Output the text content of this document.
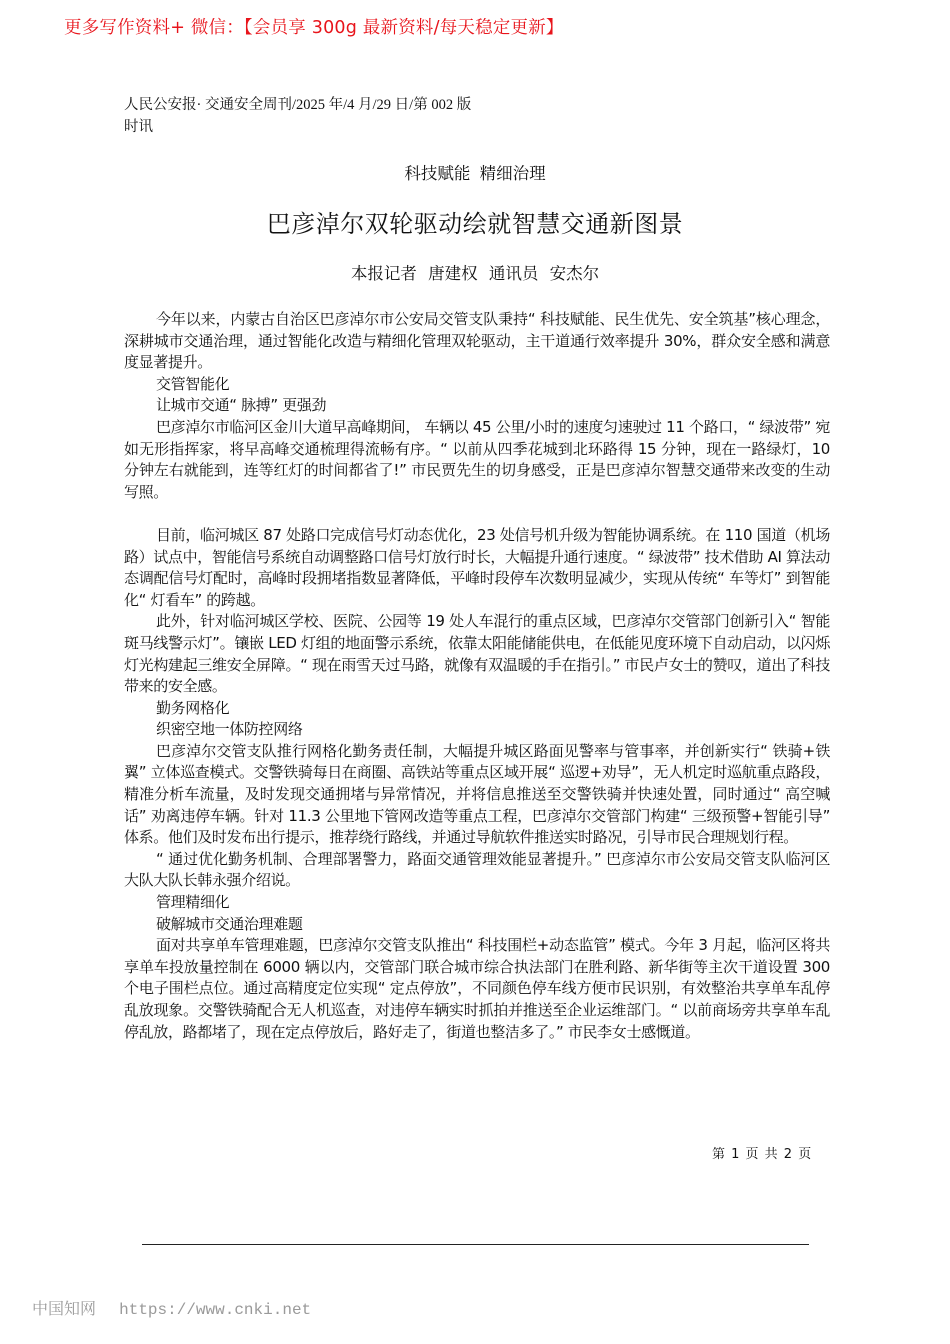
更多写作资料+ 微信：【会员享 300g 最新资料/每天稳定更新】
人民公安报· 交通安全周刊/2025 年/4 月/29 日/第 002 版
时讯
科技赋能 精细治理
巴彦淖尔双轮驱动绘就智慧交通新图景
本报记者 唐建权 通讯员 安杰尔

今年以来，内蒙古自治区巴彦淖尔市公安局交管支队秉持“ 科技赋能、民生优先、安全筑基”核心理念，深耕城市交通治理，通过智能化改造与精细化管理双轮驱动，主干道通行效率提升 30%，群众安全感和满意度显著提升。

交管智能化

让城市交通“ 脉搏” 更强劲

巴彦淖尔市临河区金川大道早高峰期间， 车辆以 45 公里/小时的速度匀速驶过 11 个路口，“ 绿波带” 宛如无形指挥家，将早高峰交通梳理得流畅有序。“ 以前从四季花城到北环路得 15 分钟，现在一路绿灯，10 分钟左右就能到，连等红灯的时间都省了!” 市民贾先生的切身感受，正是巴彦淖尔智慧交通带来改变的生动写照。

目前，临河城区 87 处路口完成信号灯动态优化，23 处信号机升级为智能协调系统。在 110 国道（机场路）试点中，智能信号系统自动调整路口信号灯放行时长，大幅提升通行速度。“ 绿波带” 技术借助 AI 算法动态调配信号灯配时，高峰时段拥堵指数显著降低，平峰时段停车次数明显减少，实现从传统“ 车等灯” 到智能化“ 灯看车” 的跨越。

此外，针对临河城区学校、医院、公园等 19 处人车混行的重点区域，巴彦淖尔交管部门创新引入“ 智能斑马线警示灯”。镶嵌 LED 灯组的地面警示系统，依靠太阳能储能供电，在低能见度环境下自动启动，以闪烁灯光构建起三维安全屏障。“ 现在雨雪天过马路，就像有双温暖的手在指引。” 市民卢女士的赞叹，道出了科技带来的安全感。

勤务网格化

织密空地一体防控网络

巴彦淖尔交管支队推行网格化勤务责任制，大幅提升城区路面见警率与管事率，并创新实行“ 铁骑+铁翼” 立体巡查模式。交警铁骑每日在商圈、高铁站等重点区域开展“ 巡逻+劝导”，无人机定时巡航重点路段，精准分析车流量，及时发现交通拥堵与异常情况，并将信息推送至交警铁骑并快速处置，同时通过“ 高空喊话” 劝离违停车辆。针对 11.3 公里地下管网改造等重点工程，巴彦淖尔交管部门构建“ 三级预警+智能引导” 体系。他们及时发布出行提示，推荐绕行路线，并通过导航软件推送实时路况，引导市民合理规划行程。

“ 通过优化勤务机制、合理部署警力，路面交通管理效能显著提升。” 巴彦淖尔市公安局交管支队临河区大队大队长韩永强介绍说。

管理精细化

破解城市交通治理难题

面对共享单车管理难题，巴彦淖尔交管支队推出“ 科技围栏+动态监管” 模式。今年 3 月起，临河区将共享单车投放量控制在 6000 辆以内，交管部门联合城市综合执法部门在胜利路、新华街等主次干道设置 300 个电子围栏点位。通过高精度定位实现“ 定点停放”，不同颜色停车线方便市民识别，有效整治共享单车乱停乱放现象。交警铁骑配合无人机巡查，对违停车辆实时抓拍并推送至企业运维部门。“ 以前商场旁共享单车乱停乱放，路都堵了，现在定点停放后，路好走了，街道也整洁多了。” 市民李女士感慨道。

第 1 页 共 2 页
中国知网 https://www.cnki.net
